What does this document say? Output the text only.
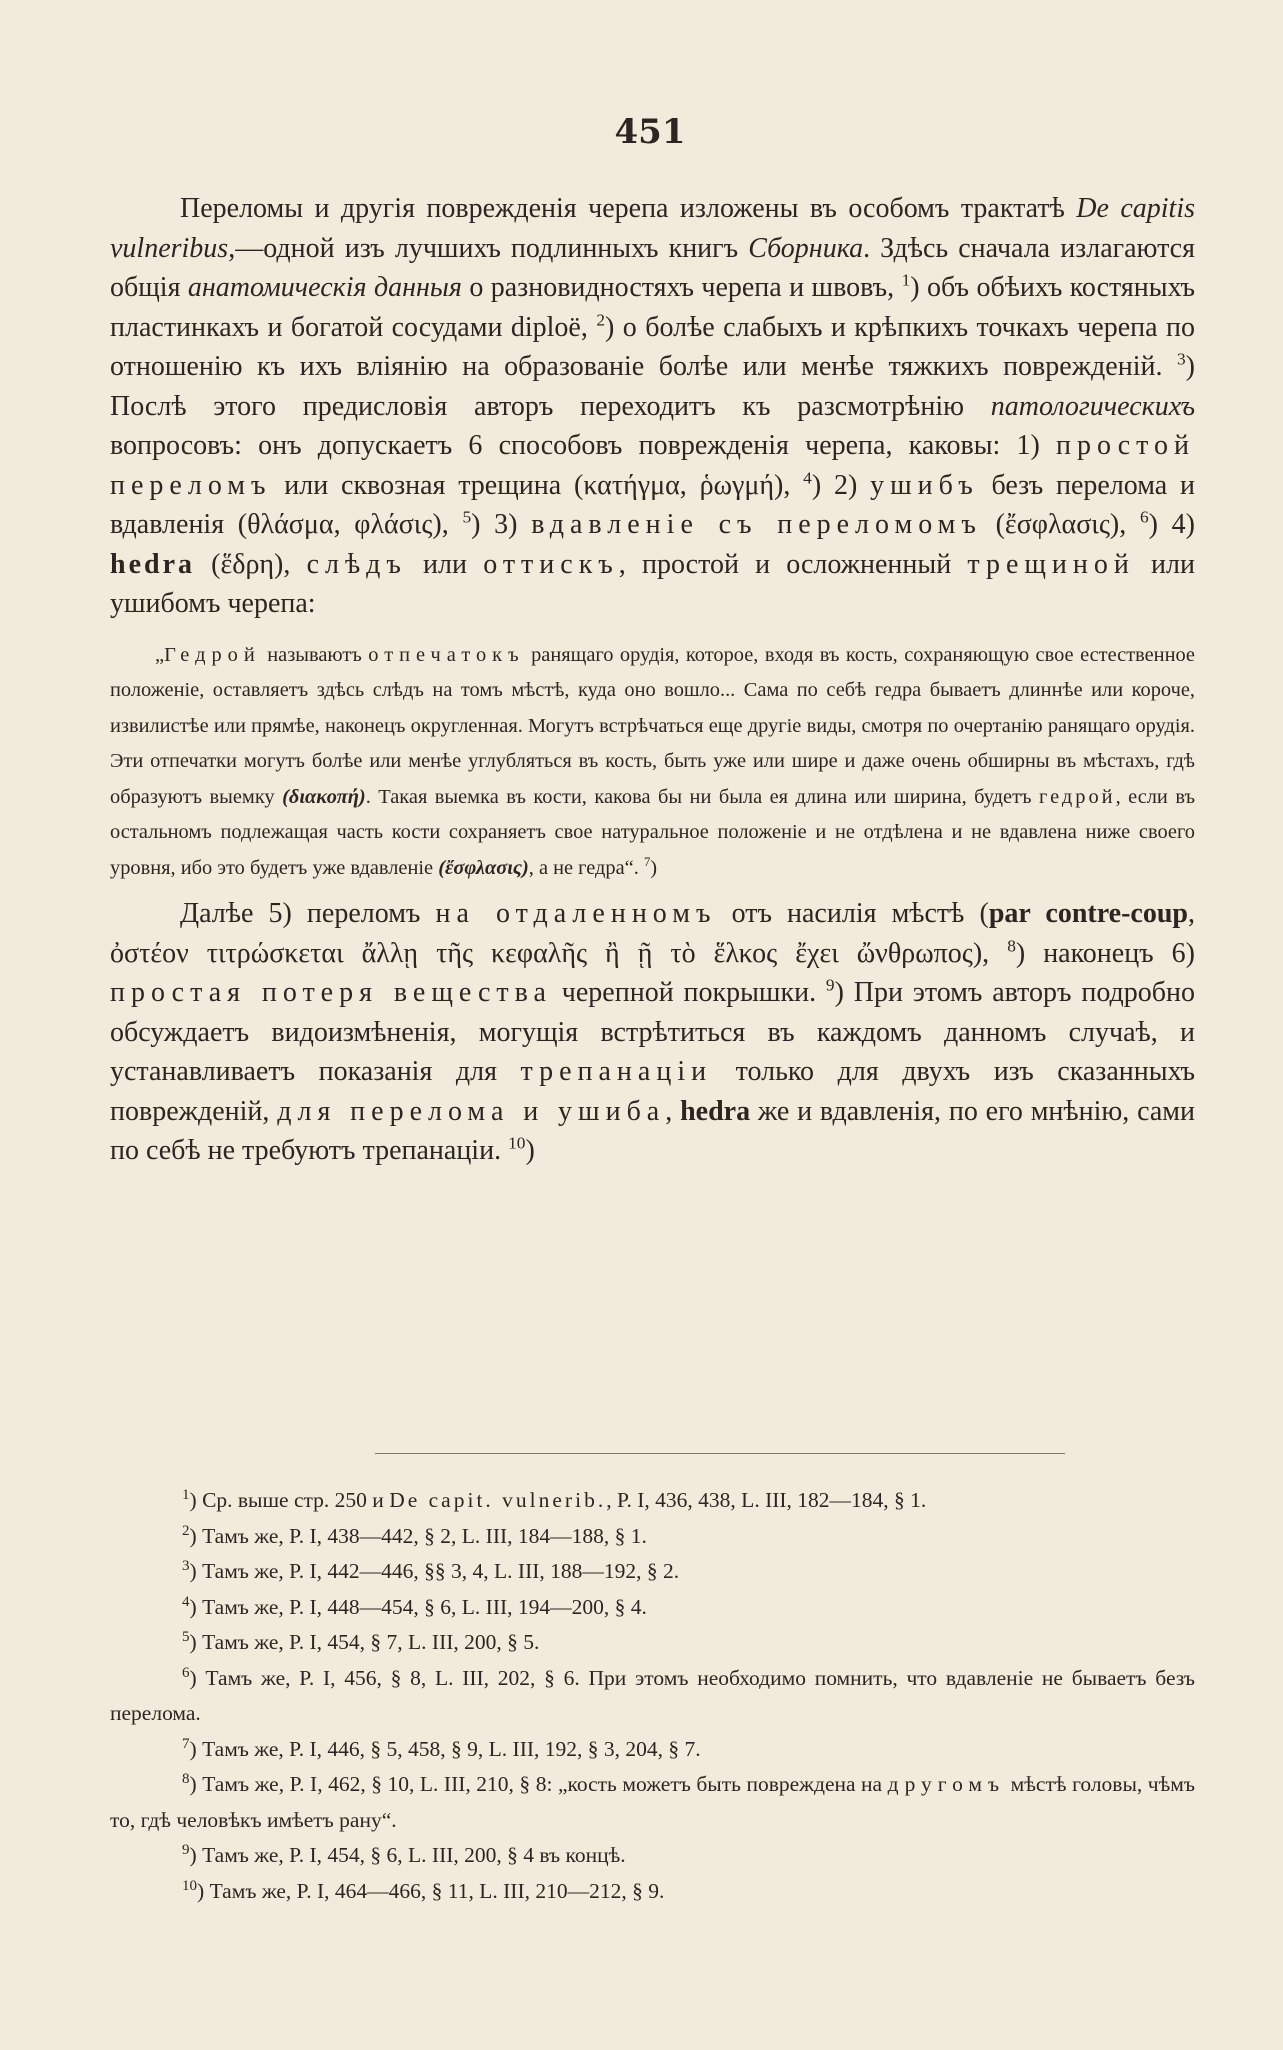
451

Переломы и другія поврежденія черепа изложены въ особомъ трактатѣ De capitis vulneribus,—одной изъ лучшихъ подлинныхъ книгъ Сборника. Здѣсь сначала излагаются общія анатомическія данныя о разновидностяхъ черепа и швовъ, $^1$) объ обѣихъ костяныхъ пластинкахъ и богатой сосудами diploë, $^2$) о болѣе слабыхъ и крѣпкихъ точкахъ черепа по отношенію къ ихъ вліянію на образованіе болѣе или менѣе тяжкихъ поврежденій. $^3$) Послѣ этого предисловія авторъ переходитъ къ разсмотрѣнію патологическихъ вопросовъ: онъ допускаетъ 6 способовъ поврежденія черепа, каковы: 1) простой переломъ или сквозная трещина (κατήγμα, ῥωγμή), $^4$) 2) ушибъ безъ перелома и вдавленія (θλάσμα, φλάσις), $^5$) 3) вдавленіе съ переломомъ (ἔσφλασις), $^6$) 4) hedra (ἕδρη), слѣдъ или оттискъ, простой и осложненный трещиной или ушибомъ черепа:

„Гедрой называютъ отпечатокъ ранящаго орудія, которое, входя въ кость, сохраняющую свое естественное положеніе, оставляетъ здѣсь слѣдъ на томъ мѣстѣ, куда оно вошло... Сама по себѣ гедра бываетъ длиннѣе или короче, извилистѣе или прямѣе, наконецъ округленная. Могутъ встрѣчаться еще другіе виды, смотря по очертанію ранящаго орудія. Эти отпечатки могутъ болѣе или менѣе углубляться въ кость, быть уже или шире и даже очень обширны въ мѣстахъ, гдѣ образуютъ выемку (διακοπή). Такая выемка въ кости, какова бы ни была ея длина или ширина, будетъ гедрой, если въ остальномъ подлежащая часть кости сохраняетъ свое натуральное положеніе и не отдѣлена и не вдавлена ниже своего уровня, ибо это будетъ уже вдавленіе (ἔσφλασις), а не гедра“. $^7$)

Далѣе 5) переломъ на отдаленномъ отъ насилія мѣстѣ (par contre-coup, ὀστέον τιτρώσκεται ἄλλῃ τῆς κεφαλῆς ἢ ῇ τὸ ἕλκος ἔχει ὤνθρωπος), $^8$) наконецъ 6) простая потеря вещества черепной покрышки. $^9$) При этомъ авторъ подробно обсуждаетъ видоизмѣненія, могущія встрѣтиться въ каждомъ данномъ случаѣ, и устанавливаетъ показанія для трепанаціи только для двухъ изъ сказанныхъ поврежденій, для перелома и ушиба, hedra же и вдавленія, по его мнѣнію, сами по себѣ не требуютъ трепанаціи. $^{10}$)

$^1$) Ср. выше стр. 250 и De capit. vulnerib., P. I, 436, 438, L. III, 182—184, § 1.

$^2$) Тамъ же, P. I, 438—442, § 2, L. III, 184—188, § 1.

$^3$) Тамъ же, P. I, 442—446, §§ 3, 4, L. III, 188—192, § 2.

$^4$) Тамъ же, P. I, 448—454, § 6, L. III, 194—200, § 4.

$^5$) Тамъ же, P. I, 454, § 7, L. III, 200, § 5.

$^6$) Тамъ же, P. I, 456, § 8, L. III, 202, § 6. При этомъ необходимо помнить, что вдавленіе не бываетъ безъ перелома.

$^7$) Тамъ же, P. I, 446, § 5, 458, § 9, L. III, 192, § 3, 204, § 7.

$^8$) Тамъ же, P. I, 462, § 10, L. III, 210, § 8: „кость можетъ быть повреждена на другомъ мѣстѣ головы, чѣмъ то, гдѣ человѣкъ имѣетъ рану“.

$^9$) Тамъ же, P. I, 454, § 6, L. III, 200, § 4 въ концѣ.

$^{10}$) Тамъ же, P. I, 464—466, § 11, L. III, 210—212, § 9.
